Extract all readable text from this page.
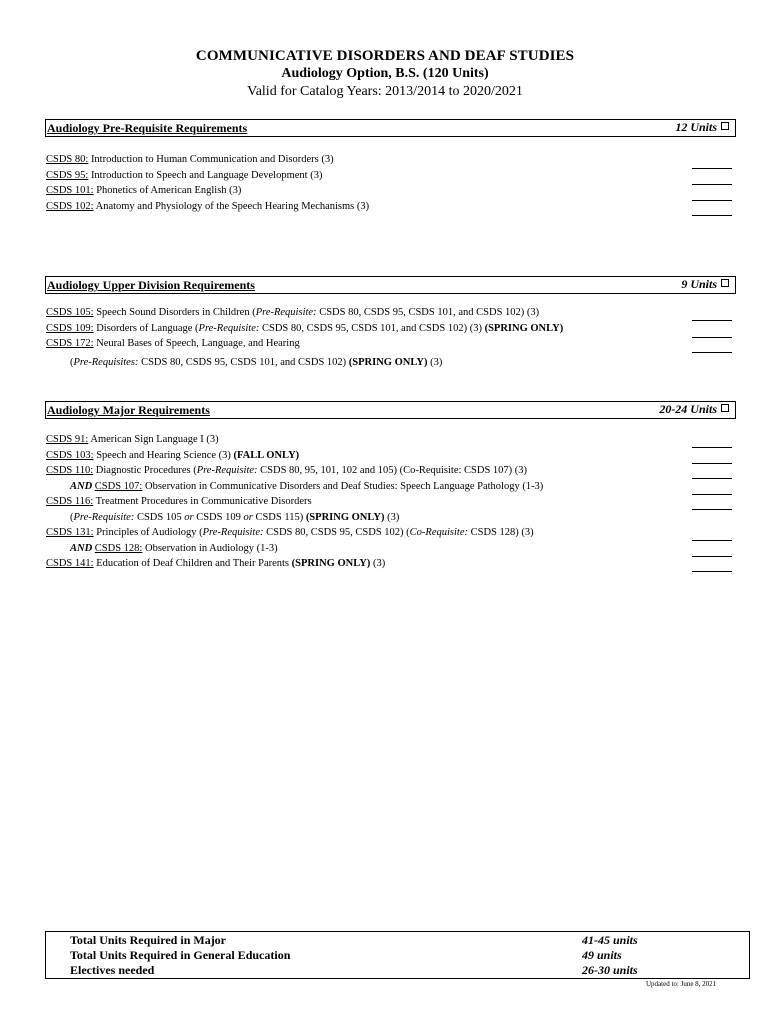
COMMUNICATIVE DISORDERS AND DEAF STUDIES
Audiology Option, B.S. (120 Units)
Valid for Catalog Years: 2013/2014 to 2020/2021
Audiology Pre-Requisite Requirements	12 Units
CSDS 80: Introduction to Human Communication and Disorders (3)
CSDS 95: Introduction to Speech and Language Development (3)
CSDS 101: Phonetics of American English (3)
CSDS 102: Anatomy and Physiology of the Speech Hearing Mechanisms (3)
Audiology Upper Division Requirements	9 Units
CSDS 105: Speech Sound Disorders in Children (Pre-Requisite: CSDS 80, CSDS 95, CSDS 101, and CSDS 102) (3)
CSDS 109: Disorders of Language (Pre-Requisite: CSDS 80, CSDS 95, CSDS 101, and CSDS 102) (3) (SPRING ONLY)
CSDS 172: Neural Bases of Speech, Language, and Hearing
(Pre-Requisites: CSDS 80, CSDS 95, CSDS 101, and CSDS 102) (SPRING ONLY) (3)
Audiology Major Requirements	20-24 Units
CSDS 91: American Sign Language I (3)
CSDS 103: Speech and Hearing Science (3) (FALL ONLY)
CSDS 110: Diagnostic Procedures (Pre-Requisite: CSDS 80, 95, 101, 102 and 105) (Co-Requisite: CSDS 107) (3)
AND CSDS 107: Observation in Communicative Disorders and Deaf Studies: Speech Language Pathology (1-3)
CSDS 116: Treatment Procedures in Communicative Disorders
(Pre-Requisite: CSDS 105 or CSDS 109 or CSDS 115) (SPRING ONLY) (3)
CSDS 131: Principles of Audiology (Pre-Requisite: CSDS 80, CSDS 95, CSDS 102) (Co-Requisite: CSDS 128) (3)
AND CSDS 128: Observation in Audiology (1-3)
CSDS 141: Education of Deaf Children and Their Parents (SPRING ONLY) (3)
Total Units Required in Major	41-45 units
Total Units Required in General Education	49 units
Electives needed	26-30 units
Updated to: June 8, 2021
